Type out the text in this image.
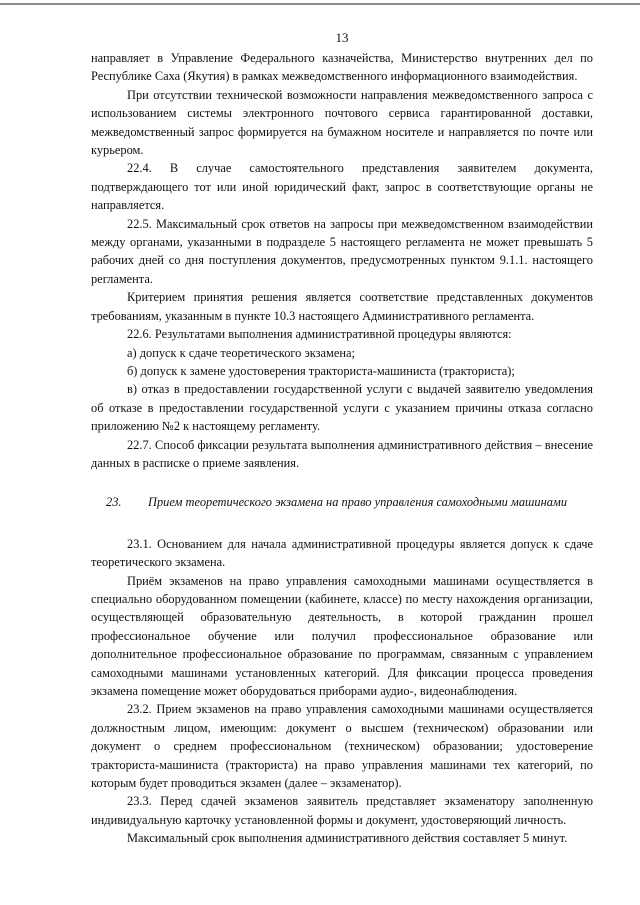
13

направляет в Управление Федерального казначейства, Министерство внутренних дел по Республике Саха (Якутия) в рамках межведомственного информационного взаимодействия.

При отсутствии технической возможности направления межведомственного запроса с использованием системы электронного почтового сервиса гарантированной доставки, межведомственный запрос формируется на бумажном носителе и направляется по почте или курьером.

22.4. В случае самостоятельного представления заявителем документа, подтверждающего тот или иной юридический факт, запрос в соответствующие органы не направляется.

22.5. Максимальный срок ответов на запросы при межведомственном взаимодействии между органами, указанными в подразделе 5 настоящего регламента не может превышать 5 рабочих дней со дня поступления документов, предусмотренных пунктом 9.1.1. настоящего регламента.

Критерием принятия решения является соответствие представленных документов требованиям, указанным в пункте 10.3 настоящего Административного регламента.

22.6. Результатами выполнения административной процедуры являются:

а) допуск к сдаче теоретического экзамена;

б) допуск к замене удостоверения тракториста-машиниста (тракториста);

в) отказ в предоставлении государственной услуги с выдачей заявителю уведомления об отказе в предоставлении государственной услуги с указанием причины отказа согласно приложению №2 к настоящему регламенту.

22.7. Способ фиксации результата выполнения административного действия – внесение данных в расписке о приеме заявления.

23. Прием теоретического экзамена на право управления самоходными машинами

23.1. Основанием для начала административной процедуры является допуск к сдаче теоретического экзамена.

Приём экзаменов на право управления самоходными машинами осуществляется в специально оборудованном помещении (кабинете, классе) по месту нахождения организации, осуществляющей образовательную деятельность, в которой гражданин прошел профессиональное обучение или получил профессиональное образование или дополнительное профессиональное образование по программам, связанным с управлением самоходными машинами установленных категорий. Для фиксации процесса проведения экзамена помещение может оборудоваться приборами аудио-, видеонаблюдения.

23.2. Прием экзаменов на право управления самоходными машинами осуществляется должностным лицом, имеющим: документ о высшем (техническом) образовании или документ о среднем профессиональном (техническом) образовании; удостоверение тракториста-машиниста (тракториста) на право управления машинами тех категорий, по которым будет проводиться экзамен (далее – экзаменатор).

23.3. Перед сдачей экзаменов заявитель представляет экзаменатору заполненную индивидуальную карточку установленной формы и документ, удостоверяющий личность.

Максимальный срок выполнения административного действия составляет 5 минут.
